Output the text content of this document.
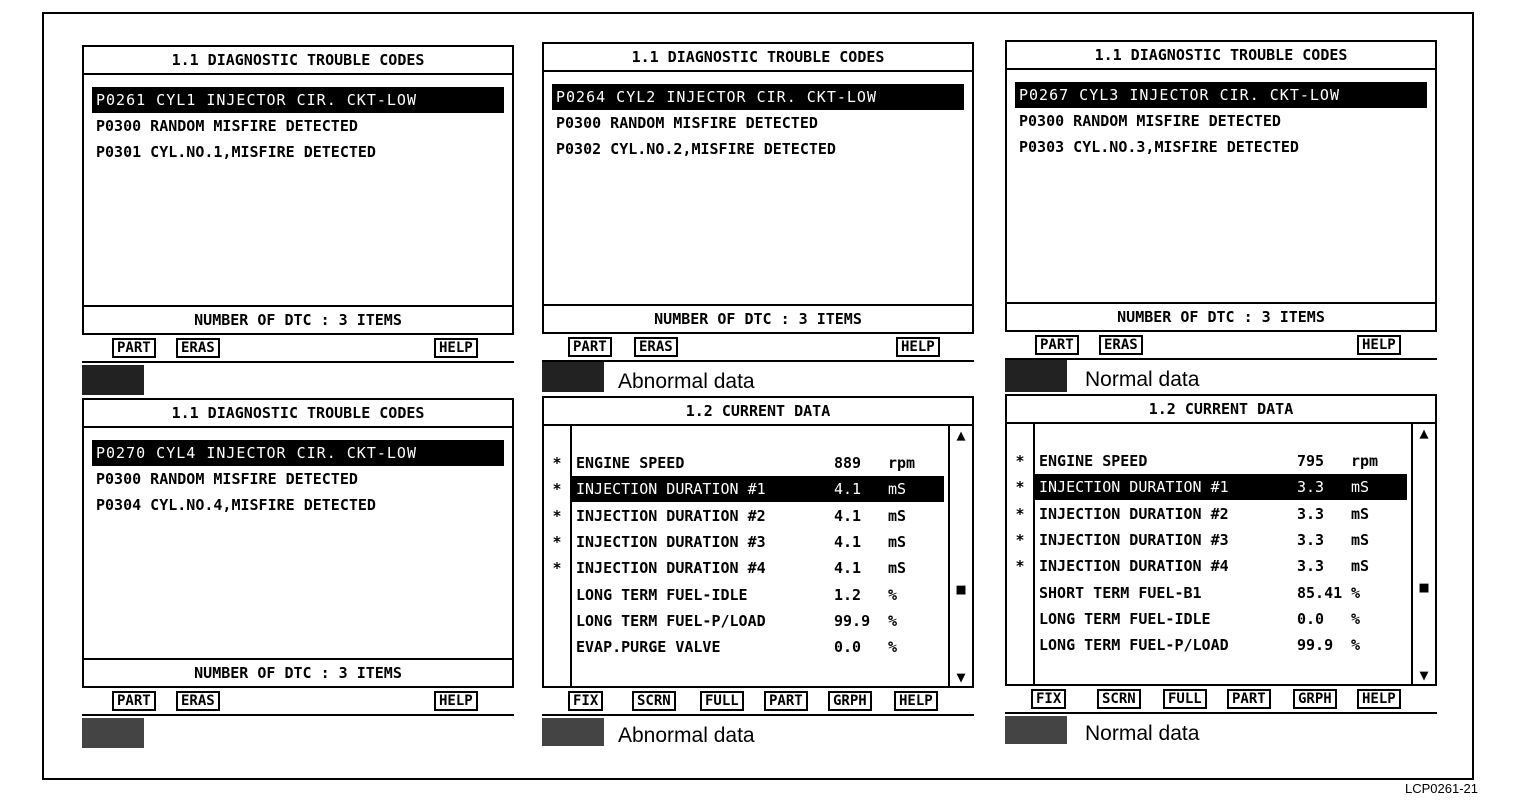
LCP0261-21
1.1 DIAGNOSTIC TROUBLE CODES
P0261 CYL1 INJECTOR CIR. CKT-LOW
P0300 RANDOM MISFIRE DETECTED
P0301 CYL.NO.1,MISFIRE DETECTED
NUMBER OF DTC : 3 ITEMS
PART	ERAS	HELP
1.1 DIAGNOSTIC TROUBLE CODES
P0264 CYL2 INJECTOR CIR. CKT-LOW
P0300 RANDOM MISFIRE DETECTED
P0302 CYL.NO.2,MISFIRE DETECTED
NUMBER OF DTC : 3 ITEMS
PART	ERAS	HELP
Abnormal data
1.1 DIAGNOSTIC TROUBLE CODES
P0267 CYL3 INJECTOR CIR. CKT-LOW
P0300 RANDOM MISFIRE DETECTED
P0303 CYL.NO.3,MISFIRE DETECTED
NUMBER OF DTC : 3 ITEMS
PART	ERAS	HELP
Normal data
1.1 DIAGNOSTIC TROUBLE CODES
P0270 CYL4 INJECTOR CIR. CKT-LOW
P0300 RANDOM MISFIRE DETECTED
P0304 CYL.NO.4,MISFIRE DETECTED
NUMBER OF DTC : 3 ITEMS
PART	ERAS	HELP
1.2 CURRENT DATA
▲
■
▼
* ENGINE SPEED	889 rpm
* INJECTION DURATION #1	4.1 mS
* INJECTION DURATION #2	4.1 mS
* INJECTION DURATION #3	4.1 mS
* INJECTION DURATION #4	4.1 mS
LONG TERM FUEL-IDLE	1.2 %
LONG TERM FUEL-P/LOAD	99.9 %
EVAP.PURGE VALVE	0.0 %
FIX	SCRN	FULL	PART	GRPH	HELP
Abnormal data
1.2 CURRENT DATA
▲
■
▼
* ENGINE SPEED	795 rpm
* INJECTION DURATION #1	3.3 mS
* INJECTION DURATION #2	3.3 mS
* INJECTION DURATION #3	3.3 mS
* INJECTION DURATION #4	3.3 mS
SHORT TERM FUEL-B1	85.41 %
LONG TERM FUEL-IDLE	0.0 %
LONG TERM FUEL-P/LOAD	99.9 %
FIX	SCRN	FULL	PART	GRPH	HELP
Normal data
